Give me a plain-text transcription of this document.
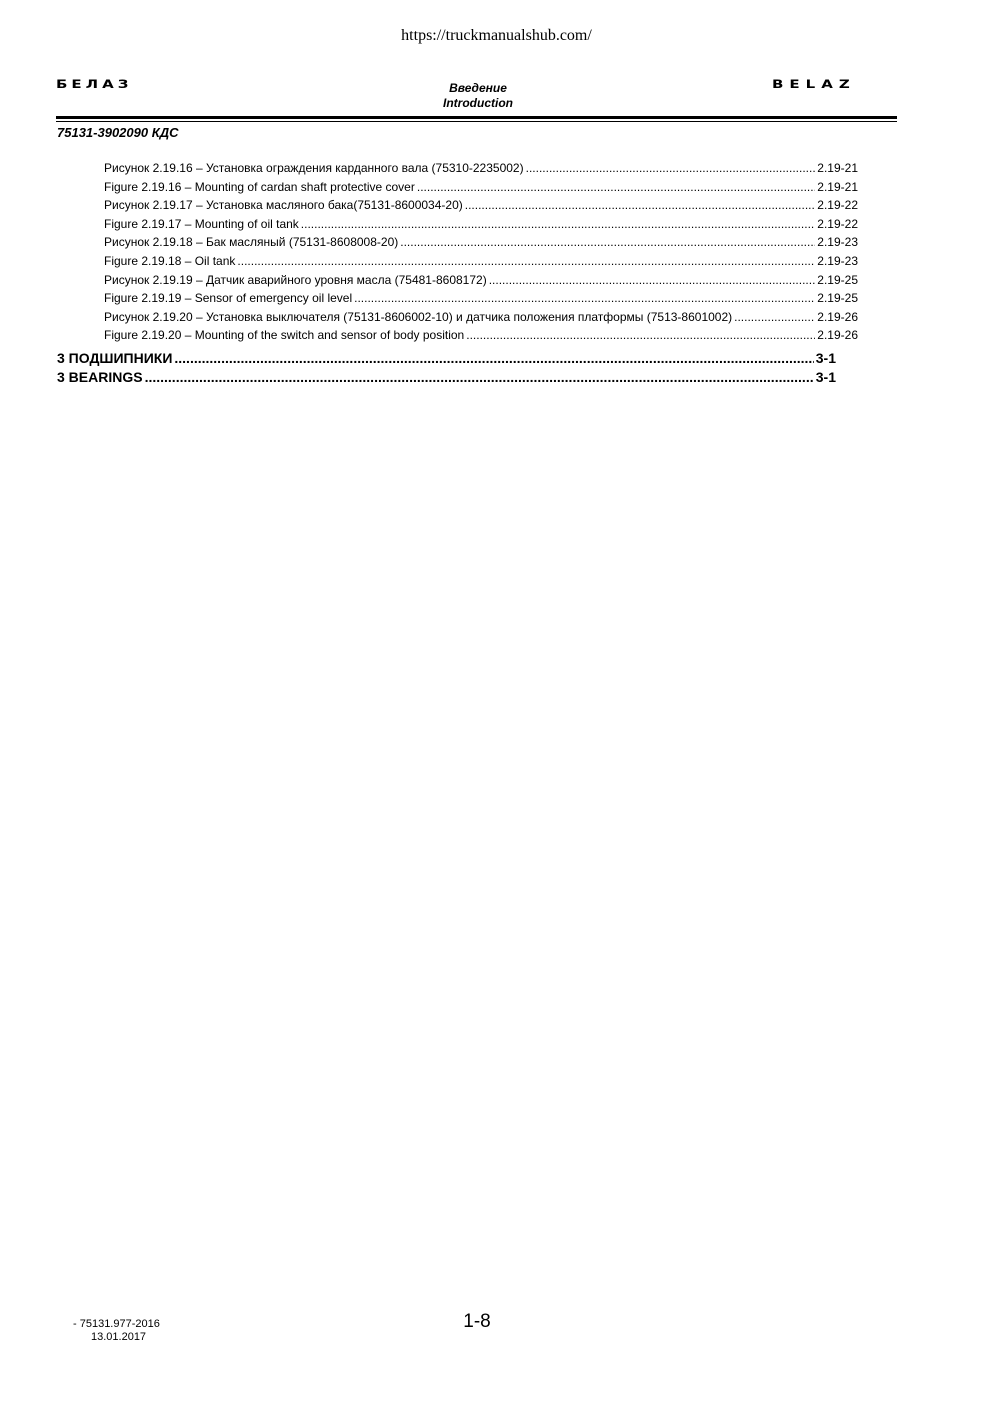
https://truckmanualshub.com/
БЕЛАЗ	Введение
Introduction
BELAZ
75131-3902090 КДС
Рисунок 2.19.16 – Установка ограждения карданного вала (75310-2235002) .....	2.19-21
Figure 2.19.16 – Mounting of cardan shaft protective cover .....	2.19-21
Рисунок 2.19.17 – Установка масляного бака(75131-8600034-20) .....	2.19-22
Figure 2.19.17 – Mounting of oil tank .....	2.19-22
Рисунок 2.19.18 – Бак масляный (75131-8608008-20) .....	2.19-23
Figure 2.19.18 – Oil tank .....	2.19-23
Рисунок 2.19.19 – Датчик аварийного уровня масла (75481-8608172) .....	2.19-25
Figure 2.19.19 – Sensor of emergency oil level .....	2.19-25
Рисунок 2.19.20 – Установка выключателя (75131-8606002-10) и датчика положения платформы (7513-8601002) .....	2.19-26
Figure 2.19.20 – Mounting of the switch and sensor of body position .....	2.19-26
3 ПОДШИПНИКИ .....	3-1
3 BEARINGS .....	3-1
- 75131.977-2016
13.01.2017
1-8
